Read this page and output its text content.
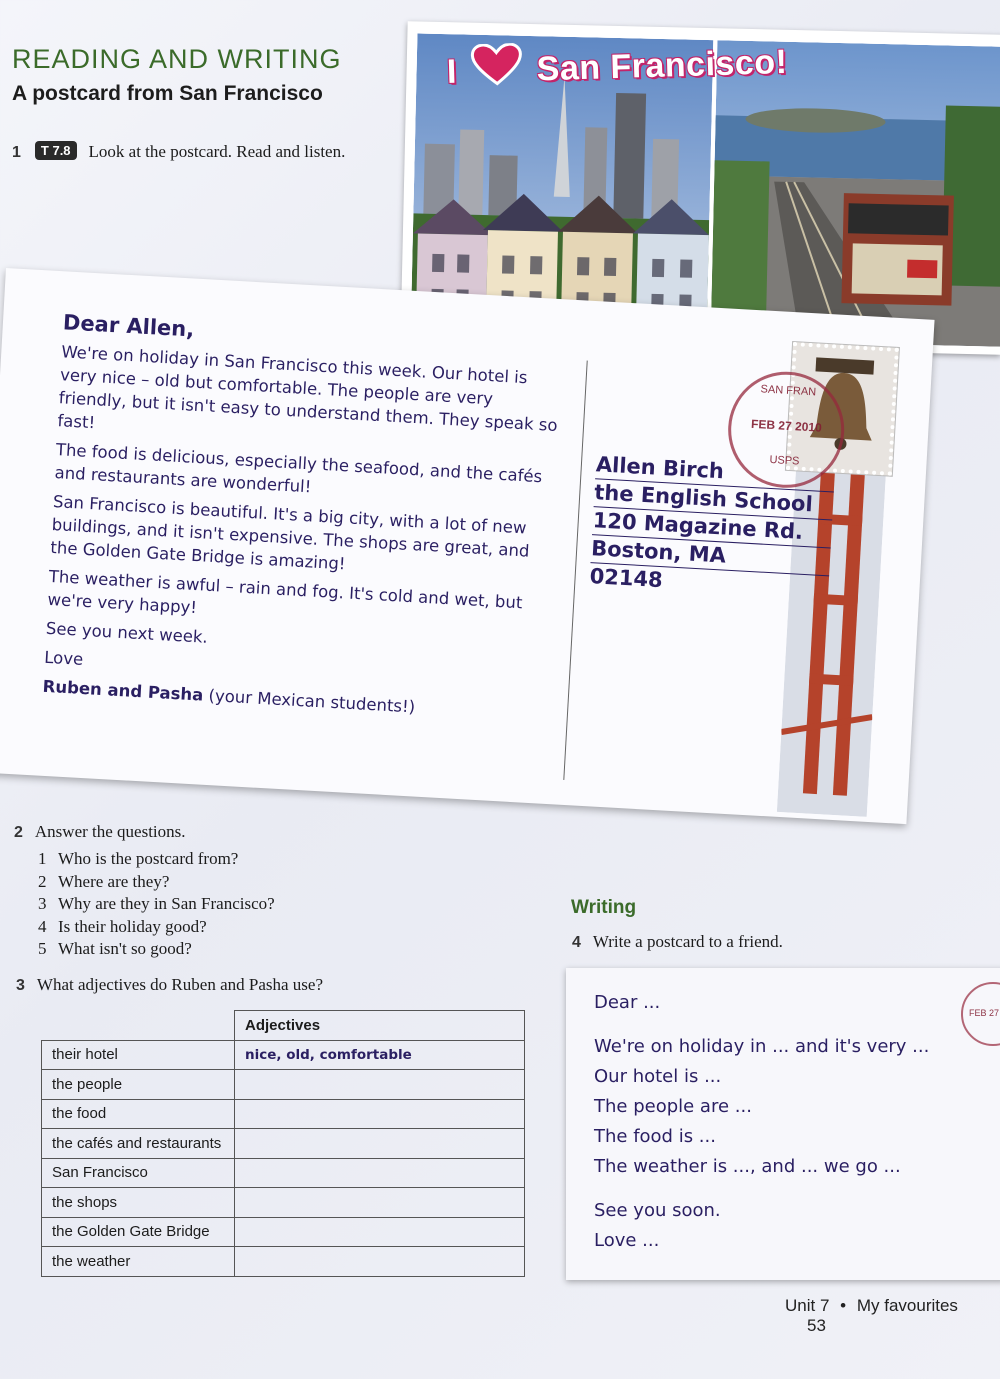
READING AND WRITING
A postcard from San Francisco
1 T 7.8 Look at the postcard. Read and listen.
I San Francisco!

Dear Allen,

We're on holiday in San Francisco this week. Our hotel is very nice – old but comfortable. The people are very friendly, but it isn't easy to understand them. They speak so fast!

The food is delicious, especially the seafood, and the cafés and restaurants are wonderful!

San Francisco is beautiful. It's a big city, with a lot of new buildings, and it isn't expensive. The shops are great, and the Golden Gate Bridge is amazing!

The weather is awful – rain and fog. It's cold and wet, but we're very happy!

See you next week.

Love

Ruben and Pasha (your Mexican students!)

SAN FRAN
FEB 27 2010
USPS
Allen Birch
the English School
120 Magazine Rd.
Boston, MA
02148
2 Answer the questions.
1 Who is the postcard from?
2 Where are they?
3 Why are they in San Francisco?
4 Is their holiday good?
5 What isn't so good?
3 What adjectives do Ruben and Pasha use?
	Adjectives
their hotel	nice, old, comfortable
the people	
the food	
the cafés and restaurants	
San Francisco	
the shops	
the Golden Gate Bridge	
the weather	
Writing
4 Write a postcard to a friend.

Dear ...

We're on holiday in ... and it's very ...
Our hotel is ...
The people are ...
The food is ...
The weather is ..., and ... we go ...
See you soon.
Love ...
FEB 27
Unit 7 • My favourites 53
